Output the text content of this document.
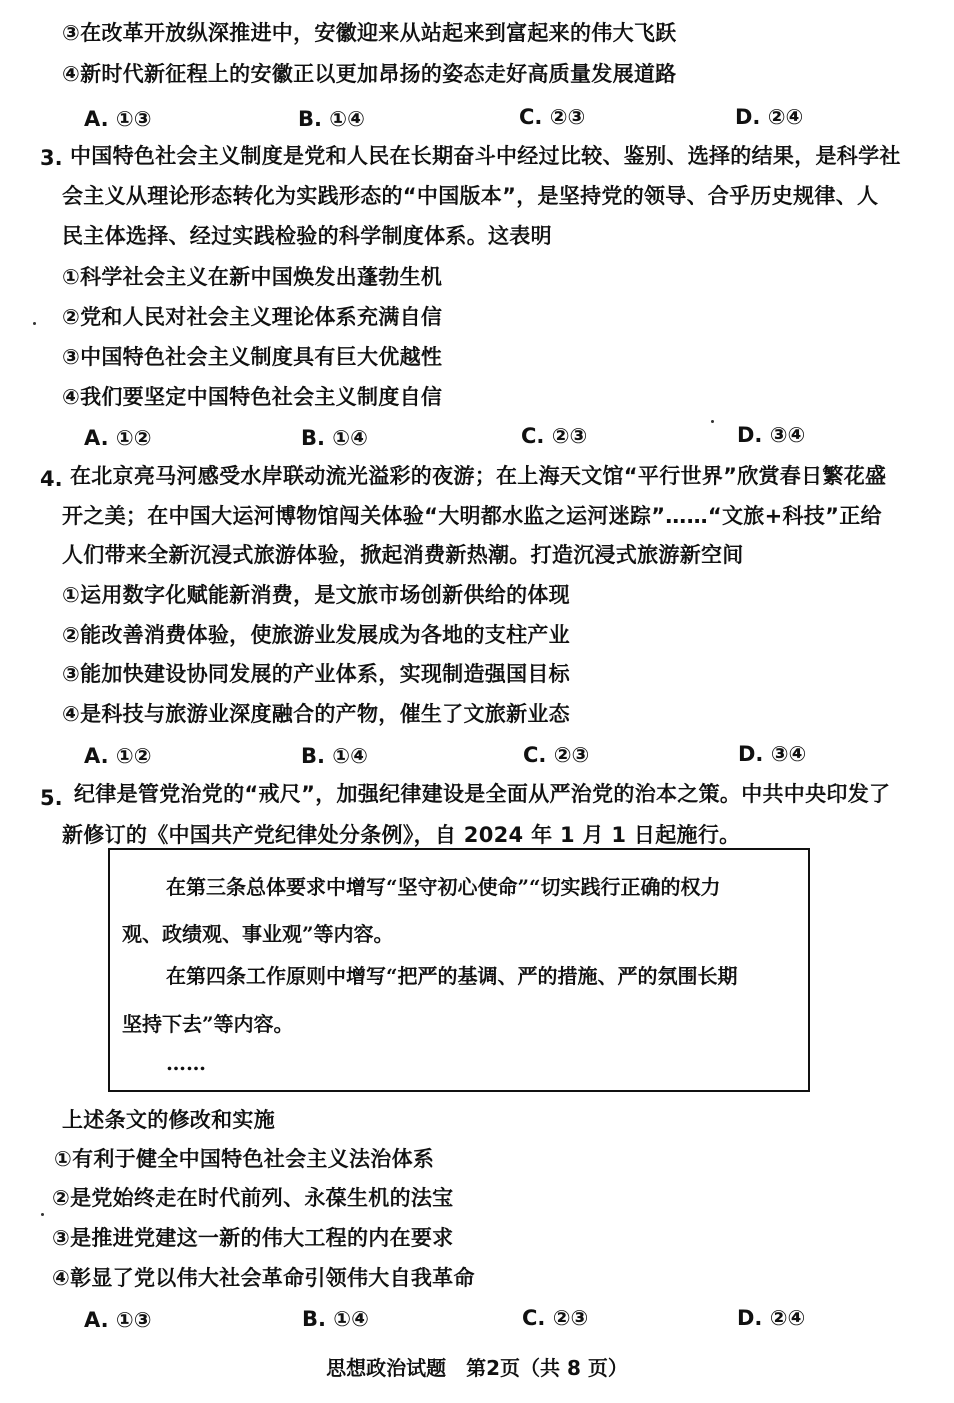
③在改革开放纵深推进中，安徽迎来从站起来到富起来的伟大飞跃
④新时代新征程上的安徽正以更加昂扬的姿态走好高质量发展道路
A. ①③	B. ①④	C. ②③	D. ②④
3. 中国特色社会主义制度是党和人民在长期奋斗中经过比较、鉴别、选择的结果，是科学社
会主义从理论形态转化为实践形态的“中国版本”，是坚持党的领导、合乎历史规律、人
民主体选择、经过实践检验的科学制度体系。这表明
①科学社会主义在新中国焕发出蓬勃生机
②党和人民对社会主义理论体系充满自信
③中国特色社会主义制度具有巨大优越性
④我们要坚定中国特色社会主义制度自信
A. ①②	B. ①④	C. ②③	D. ③④
4. 在北京亮马河感受水岸联动流光溢彩的夜游；在上海天文馆“平行世界”欣赏春日繁花盛
开之美；在中国大运河博物馆闯关体验“大明都水监之运河迷踪”……“文旅+科技”正给
人们带来全新沉浸式旅游体验，掀起消费新热潮。打造沉浸式旅游新空间
①运用数字化赋能新消费，是文旅市场创新供给的体现
②能改善消费体验，使旅游业发展成为各地的支柱产业
③能加快建设协同发展的产业体系，实现制造强国目标
④是科技与旅游业深度融合的产物，催生了文旅新业态
A. ①②	B. ①④	C. ②③	D. ③④
5. 纪律是管党治党的“戒尺”，加强纪律建设是全面从严治党的治本之策。中共中央印发了
新修订的《中国共产党纪律处分条例》，自 2024 年 1 月 1 日起施行。
在第三条总体要求中增写“坚守初心使命”“切实践行正确的权力
观、政绩观、事业观”等内容。
在第四条工作原则中增写“把严的基调、严的措施、严的氛围长期
坚持下去”等内容。
……
上述条文的修改和实施
①有利于健全中国特色社会主义法治体系
②是党始终走在时代前列、永葆生机的法宝
③是推进党建这一新的伟大工程的内在要求
④彰显了党以伟大社会革命引领伟大自我革命
A. ①③	B. ①④	C. ②③	D. ②④
思想政治试题　第2页（共 8 页）
